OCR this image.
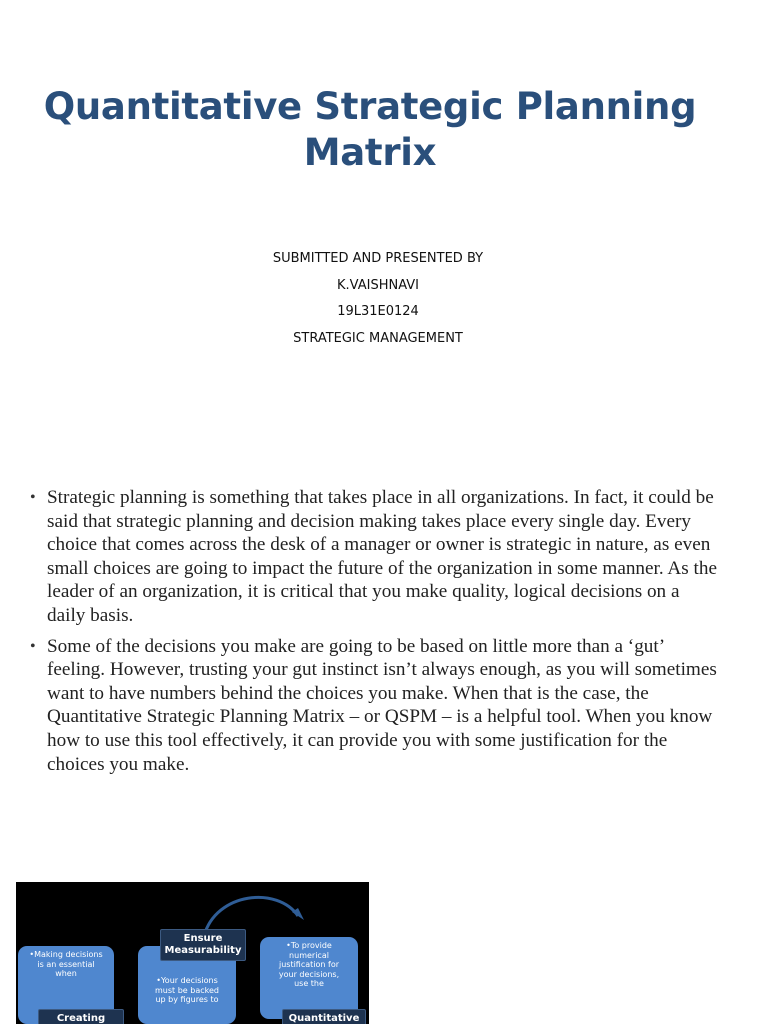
Quantitative Strategic Planning
Matrix
SUBMITTED AND PRESENTED BY
K.VAISHNAVI
19L31E0124
STRATEGIC MANAGEMENT
• Strategic planning is something that takes place in all organizations. In fact, it could be said that strategic planning and decision making takes place every single day. Every choice that comes across the desk of a manager or owner is strategic in nature, as even small choices are going to impact the future of the organization in some manner. As the leader of an organization, it is critical that you make quality, logical decisions on a daily basis.
• Some of the decisions you make are going to be based on little more than a ‘gut’ feeling. However, trusting your gut instinct isn’t always enough, as you will sometimes want to have numbers behind the choices you make. When that is the case, the Quantitative Strategic Planning Matrix – or QSPM – is a helpful tool. When you know how to use this tool effectively, it can provide you with some justification for the choices you make.
•Making decisions
is an essential
when
•Your decisions
must be backed
up by figures to
•To provide
numerical
justification for
your decisions,
use the
Ensure
Measurability
Creating	Quantitative
